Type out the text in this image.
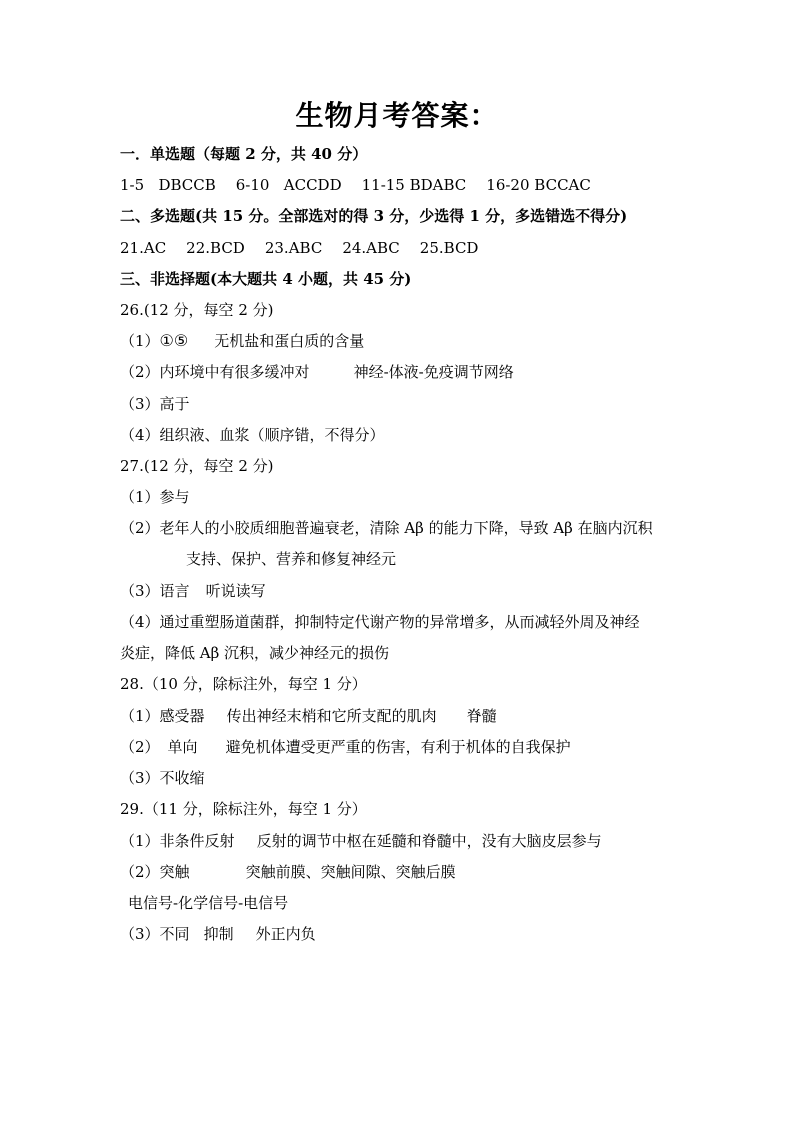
生物月考答案：
一．单选题（每题 2 分，共 40 分）
1-5   DBCCB 6-10   ACCDD 11-15 BDABC 16-20 BCCAC
二、多选题(共 15 分。全部选对的得 3 分，少选得 1 分，多选错选不得分)
21.AC 22.BCD 23.ABC 24.ABC 25.BCD
三、非选择题(本大题共 4 小题，共 45 分)
26.(12 分，每空 2 分)
（1）①⑤ 无机盐和蛋白质的含量
（2）内环境中有很多缓冲对	神经-体液-免疫调节网络
（3）高于
（4）组织液、血浆（顺序错，不得分）
27.(12 分，每空 2 分)
（1）参与
（2）老年人的小胶质细胞普遍衰老，清除 Aβ 的能力下降，导致 Aβ 在脑内沉积
支持、保护、营养和修复神经元
（3）语言 听说读写
（4）通过重塑肠道菌群，抑制特定代谢产物的异常增多，从而减轻外周及神经
炎症，降低 Aβ 沉积，减少神经元的损伤
28.（10 分，除标注外，每空 1 分）
（1）感受器 传出神经末梢和它所支配的肌肉 脊髓
（2） 单向 避免机体遭受更严重的伤害，有利于机体的自我保护
（3）不收缩
29.（11 分，除标注外，每空 1 分）
（1）非条件反射 反射的调节中枢在延髓和脊髓中，没有大脑皮层参与
（2）突触	突触前膜、突触间隙、突触后膜
电信号-化学信号-电信号
（3）不同 抑制 外正内负
